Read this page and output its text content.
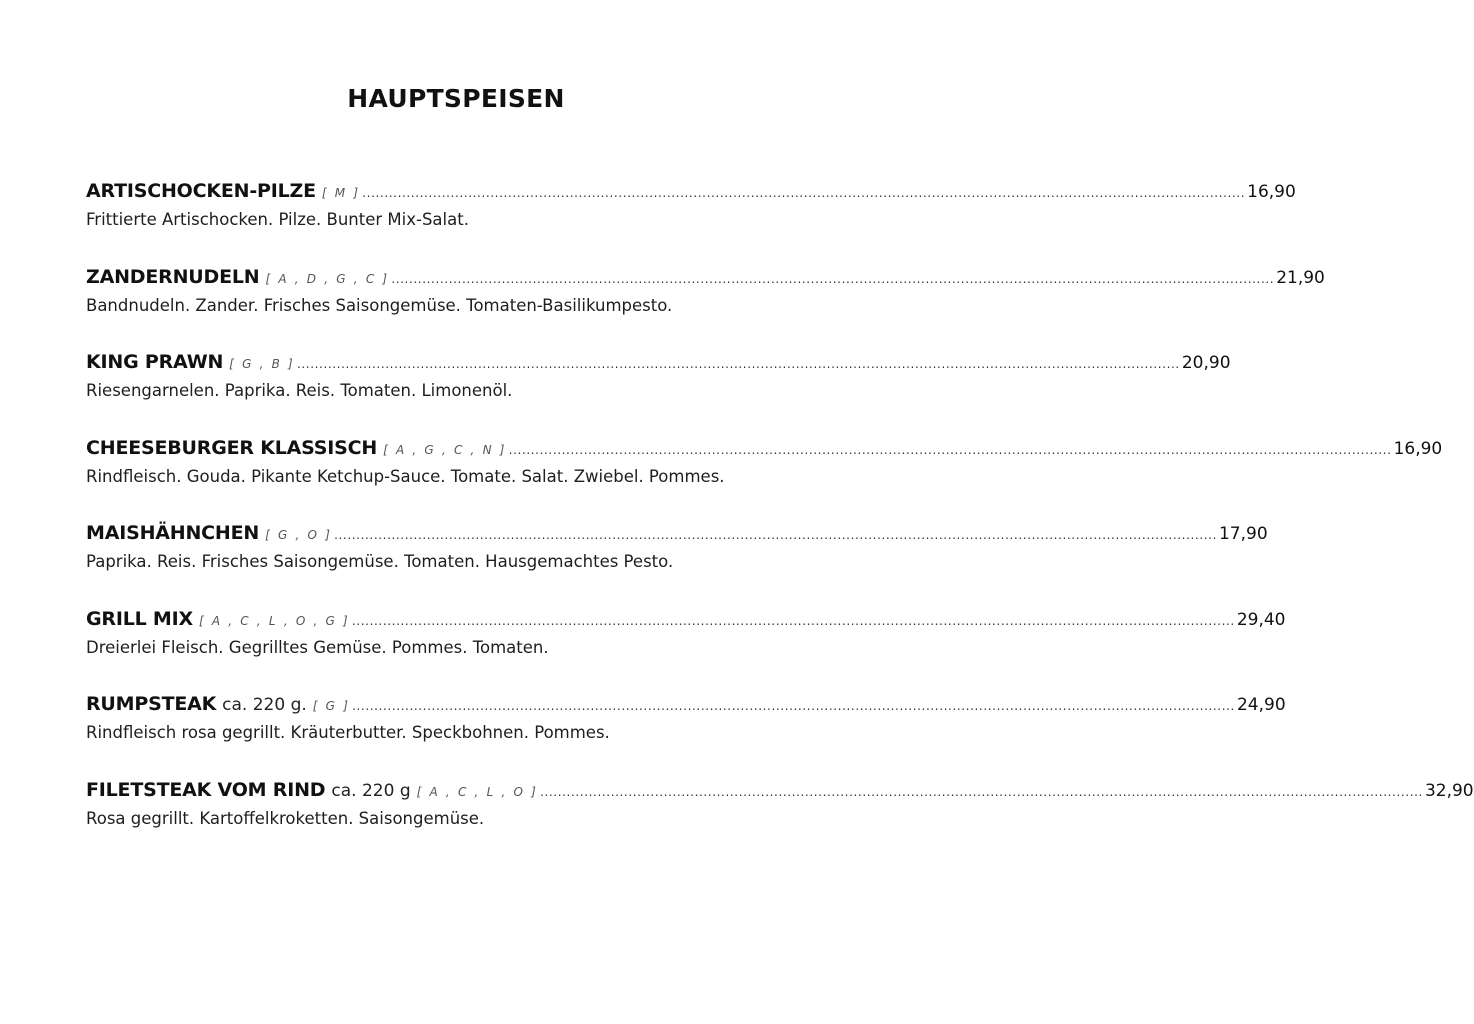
HAUPTSPEISEN
ARTISCHOCKEN-PILZE [ M ] ........................................................................................................................................................................................................ 16,90
Frittierte Artischocken. Pilze. Bunter Mix-Salat.
ZANDERNUDELN [ A , D , G , C ] ........................................................................................................................................................................................................ 21,90
Bandnudeln. Zander. Frisches Saisongemüse. Tomaten-Basilikumpesto.
KING PRAWN [ G , B ] ........................................................................................................................................................................................................ 20,90
Riesengarnelen. Paprika. Reis. Tomaten. Limonenöl.
CHEESEBURGER KLASSISCH [ A , G , C , N ] ........................................................................................................................................................................................................ 16,90
Rindfleisch. Gouda. Pikante Ketchup-Sauce. Tomate. Salat. Zwiebel. Pommes.
MAISHÄHNCHEN [ G , O ] ........................................................................................................................................................................................................ 17,90
Paprika. Reis. Frisches Saisongemüse. Tomaten. Hausgemachtes Pesto.
GRILL MIX [ A , C , L , O , G ] ........................................................................................................................................................................................................ 29,40
Dreierlei Fleisch. Gegrilltes Gemüse. Pommes. Tomaten.
RUMPSTEAK ca. 220 g. [ G ] ........................................................................................................................................................................................................ 24,90
Rindfleisch rosa gegrillt. Kräuterbutter. Speckbohnen. Pommes.
FILETSTEAK VOM RIND ca. 220 g [ A , C , L , O ] ........................................................................................................................................................................................................ 32,90
Rosa gegrillt. Kartoffelkroketten. Saisongemüse.
